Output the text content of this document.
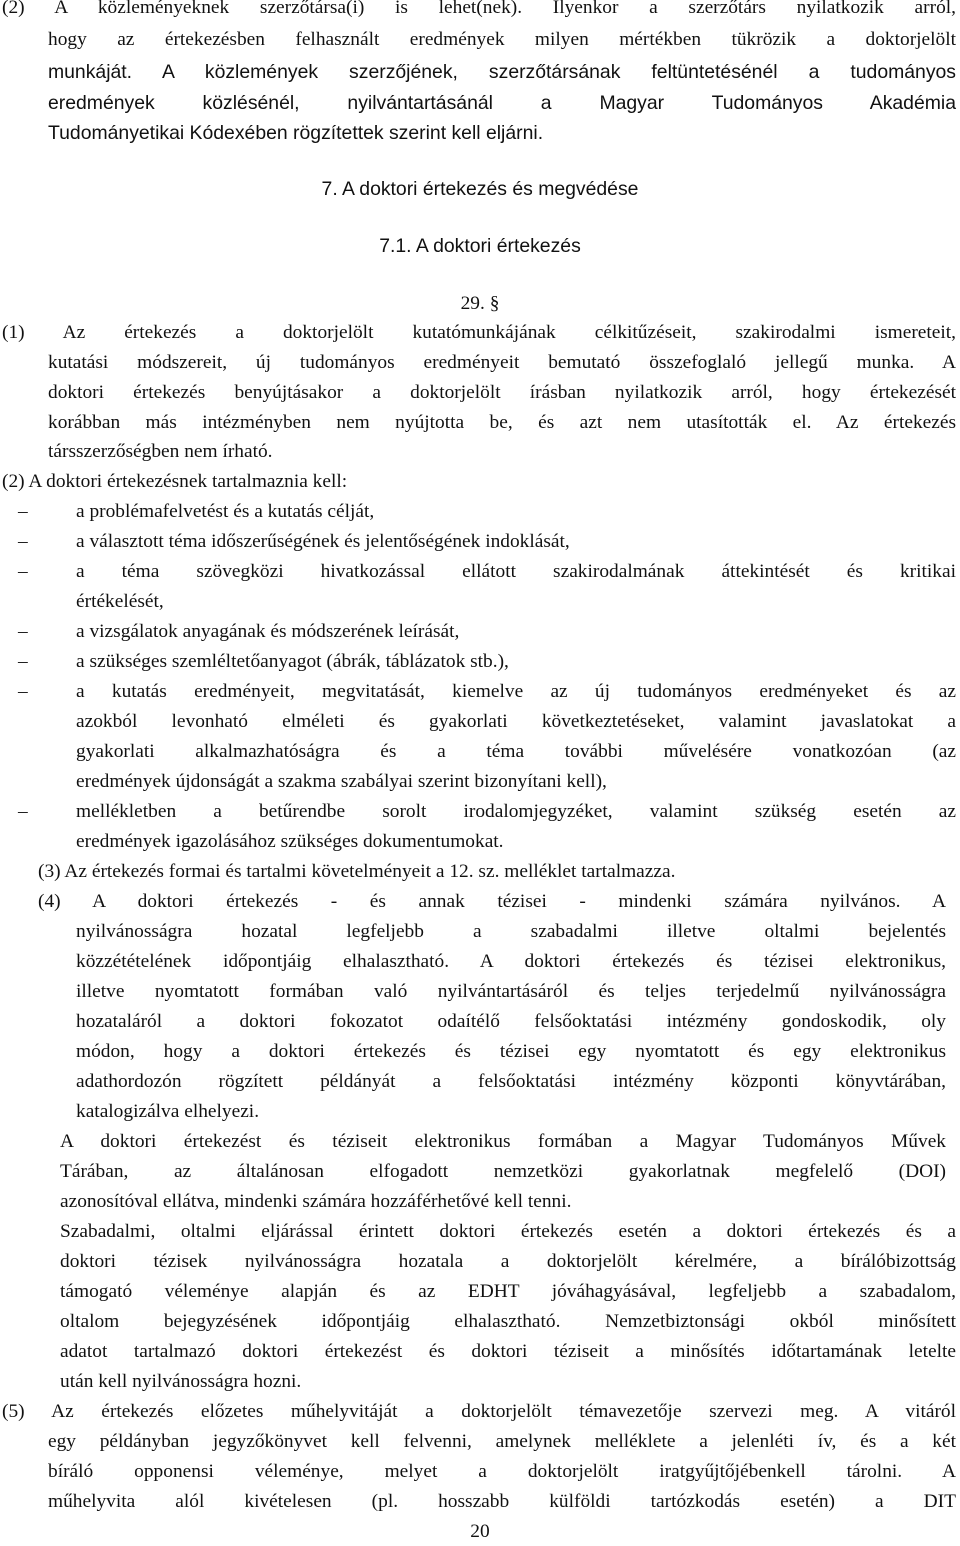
(2) A közleményeknek szerzőtársa(i) is lehet(nek). Ilyenkor a szerzőtárs nyilatkozik arról,
hogy az értekezésben felhasznált eredmények milyen mértékben tükrözik a doktorjelölt
munkáját. A közlemények szerzőjének, szerzőtársának feltüntetésénél a tudományos
eredmények közlésénél, nyilvántartásánál a Magyar Tudományos Akadémia
Tudományetikai Kódexében rögzítettek szerint kell eljárni.
7. A doktori értekezés és megvédése
7.1. A doktori értekezés
29. §
(1) Az értekezés a doktorjelölt kutatómunkájának célkitűzéseit, szakirodalmi ismereteit,
kutatási módszereit, új tudományos eredményeit bemutató összefoglaló jellegű munka. A
doktori értekezés benyújtásakor a doktorjelölt írásban nyilatkozik arról, hogy értekezését
korábban más intézményben nem nyújtotta be, és azt nem utasították el. Az értekezés
társszerzőségben nem írható.
(2) A doktori értekezésnek tartalmaznia kell:
– a problémafelvetést és a kutatás célját,
– a választott téma időszerűségének és jelentőségének indoklását,
– a téma szövegközi hivatkozással ellátott szakirodalmának áttekintését és kritikai
értékelését,
– a vizsgálatok anyagának és módszerének leírását,
– a szükséges szemléltetőanyagot (ábrák, táblázatok stb.),
– a kutatás eredményeit, megvitatását, kiemelve az új tudományos eredményeket és az
azokból levonható elméleti és gyakorlati következtetéseket, valamint javaslatokat a
gyakorlati alkalmazhatóságra és a téma további művelésére vonatkozóan (az
eredmények újdonságát a szakma szabályai szerint bizonyítani kell),
– mellékletben a betűrendbe sorolt irodalomjegyzéket, valamint szükség esetén az
eredmények igazolásához szükséges dokumentumokat.
(3) Az értekezés formai és tartalmi követelményeit a 12. sz. melléklet tartalmazza.
(4) A doktori értekezés - és annak tézisei - mindenki számára nyilvános. A
nyilvánosságra hozatal legfeljebb a szabadalmi illetve oltalmi bejelentés
közzétételének időpontjáig elhalasztható. A doktori értekezés és tézisei elektronikus,
illetve nyomtatott formában való nyilvántartásáról és teljes terjedelmű nyilvánosságra
hozataláról a doktori fokozatot odaítélő felsőoktatási intézmény gondoskodik, oly
módon, hogy a doktori értekezés és tézisei egy nyomtatott és egy elektronikus
adathordozón rögzített példányát a felsőoktatási intézmény központi könyvtárában,
katalogizálva elhelyezi.
A doktori értekezést és téziseit elektronikus formában a Magyar Tudományos Művek
Tárában, az általánosan elfogadott nemzetközi gyakorlatnak megfelelő (DOI)
azonosítóval ellátva, mindenki számára hozzáférhetővé kell tenni.
Szabadalmi, oltalmi eljárással érintett doktori értekezés esetén a doktori értekezés és a
doktori tézisek nyilvánosságra hozatala a doktorjelölt kérelmére, a bírálóbizottság
támogató véleménye alapján és az EDHT jóváhagyásával, legfeljebb a szabadalom,
oltalom bejegyzésének időpontjáig elhalasztható. Nemzetbiztonsági okból minősített
adatot tartalmazó doktori értekezést és doktori téziseit a minősítés időtartamának letelte
után kell nyilvánosságra hozni.
(5) Az értekezés előzetes műhelyvitáját a doktorjelölt témavezetője szervezi meg. A vitáról
egy példányban jegyzőkönyvet kell felvenni, amelynek melléklete a jelenléti ív, és a két
bíráló opponensi véleménye, melyet a doktorjelölt iratgyűjtőjébenkell tárolni. A
műhelyvita alól kivételesen (pl. hosszabb külföldi tartózkodás esetén) a DIT
20
